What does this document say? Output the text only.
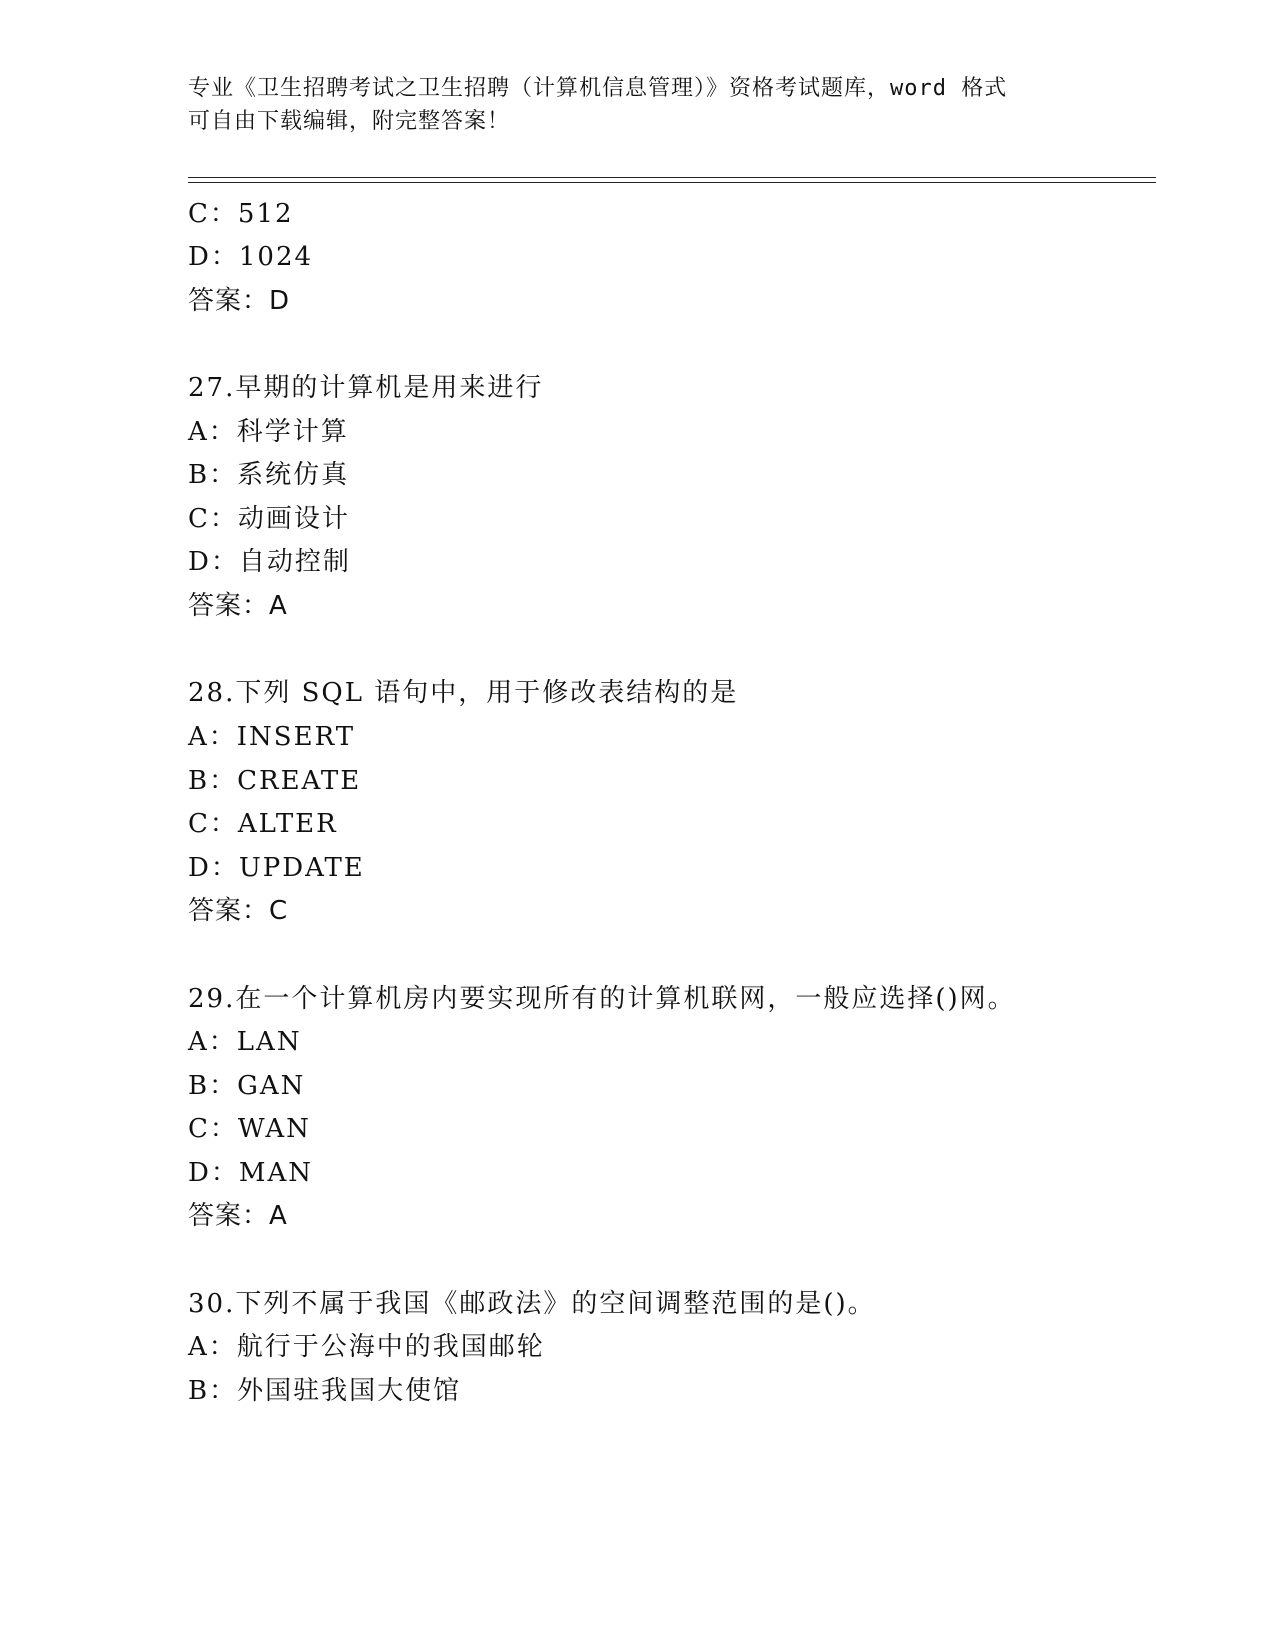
专业《卫生招聘考试之卫生招聘（计算机信息管理）》资格考试题库，word 格式
可自由下载编辑，附完整答案！
C：512
D：1024
答案：D
27.早期的计算机是用来进行
A：科学计算
B：系统仿真
C：动画设计
D：自动控制
答案：A
28.下列 SQL 语句中，用于修改表结构的是
A：INSERT
B：CREATE
C：ALTER
D：UPDATE
答案：C
29.在一个计算机房内要实现所有的计算机联网，一般应选择()网。
A：LAN
B：GAN
C：WAN
D：MAN
答案：A
30.下列不属于我国《邮政法》的空间调整范围的是()。
A：航行于公海中的我国邮轮
B：外国驻我国大使馆
